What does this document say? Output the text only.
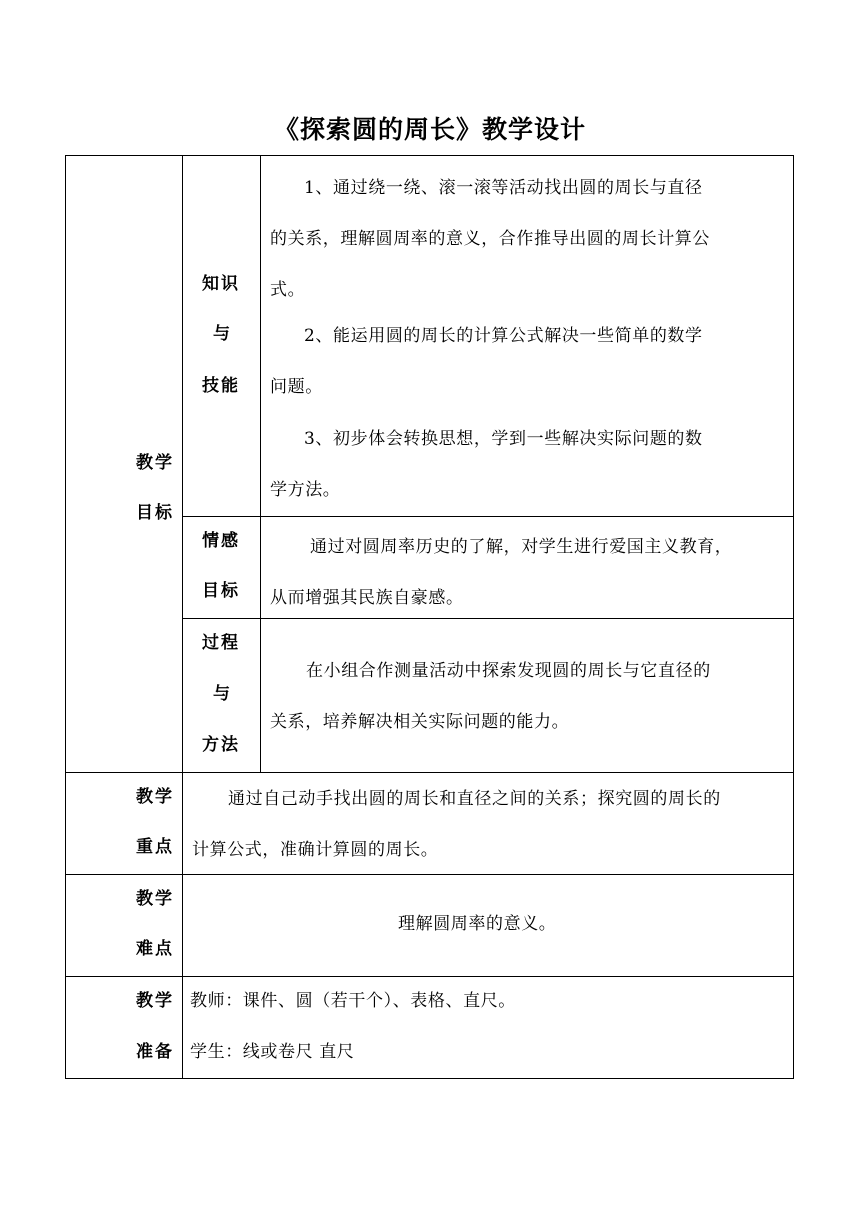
《探索圆的周长》教学设计
教学
目标
知识
与
技能
1、通过绕一绕、滚一滚等活动找出圆的周长与直径
的关系，理解圆周率的意义，合作推导出圆的周长计算公
式。
2、能运用圆的周长的计算公式解决一些简单的数学
问题。
3、初步体会转换思想，学到一些解决实际问题的数
学方法。
情感
目标
通过对圆周率历史的了解，对学生进行爱国主义教育，
从而增强其民族自豪感。
过程
与
方法
在小组合作测量活动中探索发现圆的周长与它直径的
关系，培养解决相关实际问题的能力。
教学
重点
通过自己动手找出圆的周长和直径之间的关系；探究圆的周长的
计算公式，准确计算圆的周长。
教学
难点
理解圆周率的意义。
教学
准备
教师：课件、圆（若干个）、表格、直尺。
学生：线或卷尺 直尺
